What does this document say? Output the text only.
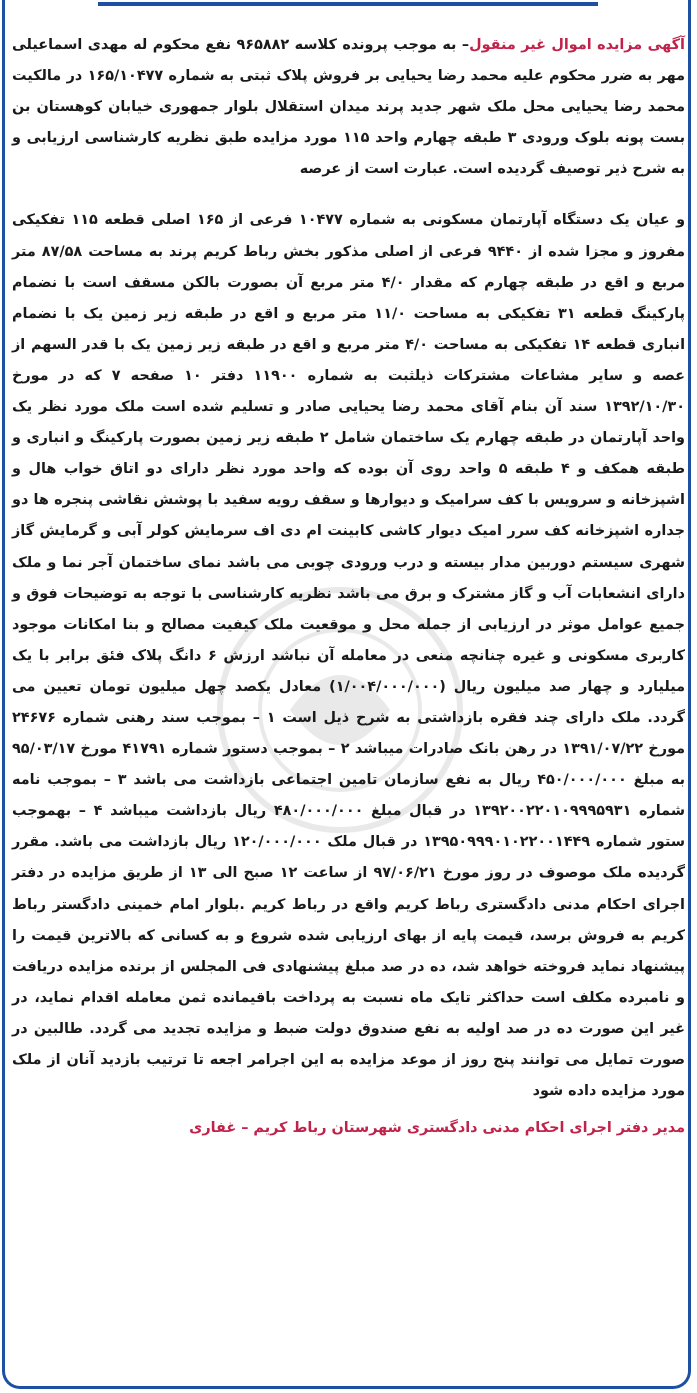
آگهی مزایده اموال غیر منقول– به موجب پرونده کلاسه ۹۶۵۸۸۲ نفع محکوم له مهدی اسماعیلی مهر به ضرر محکوم علیه محمد رضا یحیایی بر فروش پلاک ثبتی به شماره ۱۶۵/۱۰۴۷۷ در مالکیت محمد رضا یحیایی محل ملک شهر جدید پرند میدان استقلال بلوار جمهوری خیابان کوهستان بن بست پونه بلوک ورودی ۳ طبقه چهارم واحد ۱۱۵ مورد مزایده طبق نظریه کارشناسی ارزیابی و به شرح ذیر توصیف گردیده است. عبارت است از عرصه

و عیان یک دستگاه آپارتمان مسکونی به شماره ۱۰۴۷۷ فرعی از ۱۶۵ اصلی قطعه ۱۱۵ تفکیکی مفروز و مجزا شده از ۹۴۴۰ فرعی از اصلی مذکور بخش رباط کریم پرند به مساحت ۸۷/۵۸ متر مربع و اقع در طبقه چهارم که مقدار ۴/۰ متر مربع آن بصورت بالکن مسقف است با نضمام پارکینگ قطعه ۳۱ تفکیکی به مساحت ۱۱/۰ متر مربع و اقع در طبقه زیر زمین یک با نضمام انباری قطعه ۱۴ تفکیکی به مساحت ۴/۰ متر مربع و اقع در طبقه زیر زمین یک با قدر السهم از عصه و سایر مشاعات مشترکات ذیلثبت به شماره ۱۱۹۰۰ دفتر ۱۰ صفحه ۷ که در مورخ ۱۳۹۲/۱۰/۳۰ سند آن بنام آقای محمد رضا یحیایی صادر و تسلیم شده است ملک مورد نظر یک واحد آپارتمان در طبقه چهارم یک ساختمان شامل ۲ طبقه زیر زمین بصورت پارکینگ و انباری و طبقه همکف و ۴ طبقه ۵ واحد روی آن بوده که واحد مورد نظر دارای دو اتاق خواب هال و اشپزخانه و سرویس با کف سرامیک و دیوارها و سقف رویه سفید با پوشش نقاشی پنجره ها دو جداره اشپزخانه کف سرر امیک دیوار کاشی کابینت ام دی اف سرمایش کولر آبی و گرمایش گاز شهری سیستم دوربین مدار بیسته و درب ورودی چوبی می باشد نمای ساختمان آجر نما و ملک دارای انشعابات آب و گاز مشترک و برق می باشد نظریه کارشناسی با توجه به توضیحات فوق و جمیع عوامل موثر در ارزیابی از جمله محل و موقعیت ملک کیفیت مصالح و بنا امکانات موجود کاربری مسکونی و غیره چنانچه منعی در معامله آن نباشد ارزش ۶ دانگ پلاک فئق برابر با یک میلیارد و چهار صد میلیون ریال (۱/۰۰۴/۰۰۰/۰۰۰) معادل یکصد چهل میلیون تومان تعیین می گردد. ملک دارای چند فقره بازداشتی به شرح ذیل است ۱ – بموجب سند رهنی شماره ۲۴۶۷۶ مورخ ۱۳۹۱/۰۷/۲۲ در رهن بانک صادرات میباشد ۲ – بموجب دستور شماره ۴۱۷۹۱ مورخ ۹۵/۰۳/۱۷ به مبلغ ۴۵۰/۰۰۰/۰۰۰ ریال به نفع سازمان تامین اجتماعی بازداشت می باشد ۳ – بموجب نامه شماره ۱۳۹۲۰۰۲۲۰۱۰۹۹۹۵۹۳۱ در قبال مبلغ ۴۸۰/۰۰۰/۰۰۰ ریال بازداشت میباشد ۴ – بهموجب ستور شماره ۱۳۹۵۰۹۹۹۰۱۰۲۲۰۰۱۴۴۹ در قبال ملک ۱۲۰/۰۰۰/۰۰۰ ریال بازداشت می باشد. مقرر گردیده ملک موصوف در روز مورخ ۹۷/۰۶/۲۱ از ساعت ۱۲ صبح الی ۱۳ از طریق مزایده در دفتر اجرای احکام مدنی دادگستری رباط کریم واقع در رباط کریم .بلوار امام خمینی دادگستر رباط کریم به فروش برسد، قیمت پایه از بهای ارزیابی شده شروع و به کسانی که بالاترین قیمت را پیشنهاد نماید فروخته خواهد شد، ده در صد مبلغ پیشنهادی فی المجلس از برنده مزایده دریافت و نامبرده مکلف است حداکثر تایک ماه نسبت به پرداخت باقیمانده ثمن معامله اقدام نماید، در غیر این صورت ده در صد اولیه به نفع صندوق دولت ضبط و مزایده تجدید می گردد. طالبین در صورت تمایل می توانند پنج روز از موعد مزایده به این اجرامر اجعه تا ترتیب بازدید آنان از ملک مورد مزایده داده شود

مدیر دفتر اجرای احکام مدنی دادگستری شهرستان رباط کریم – غفاری
